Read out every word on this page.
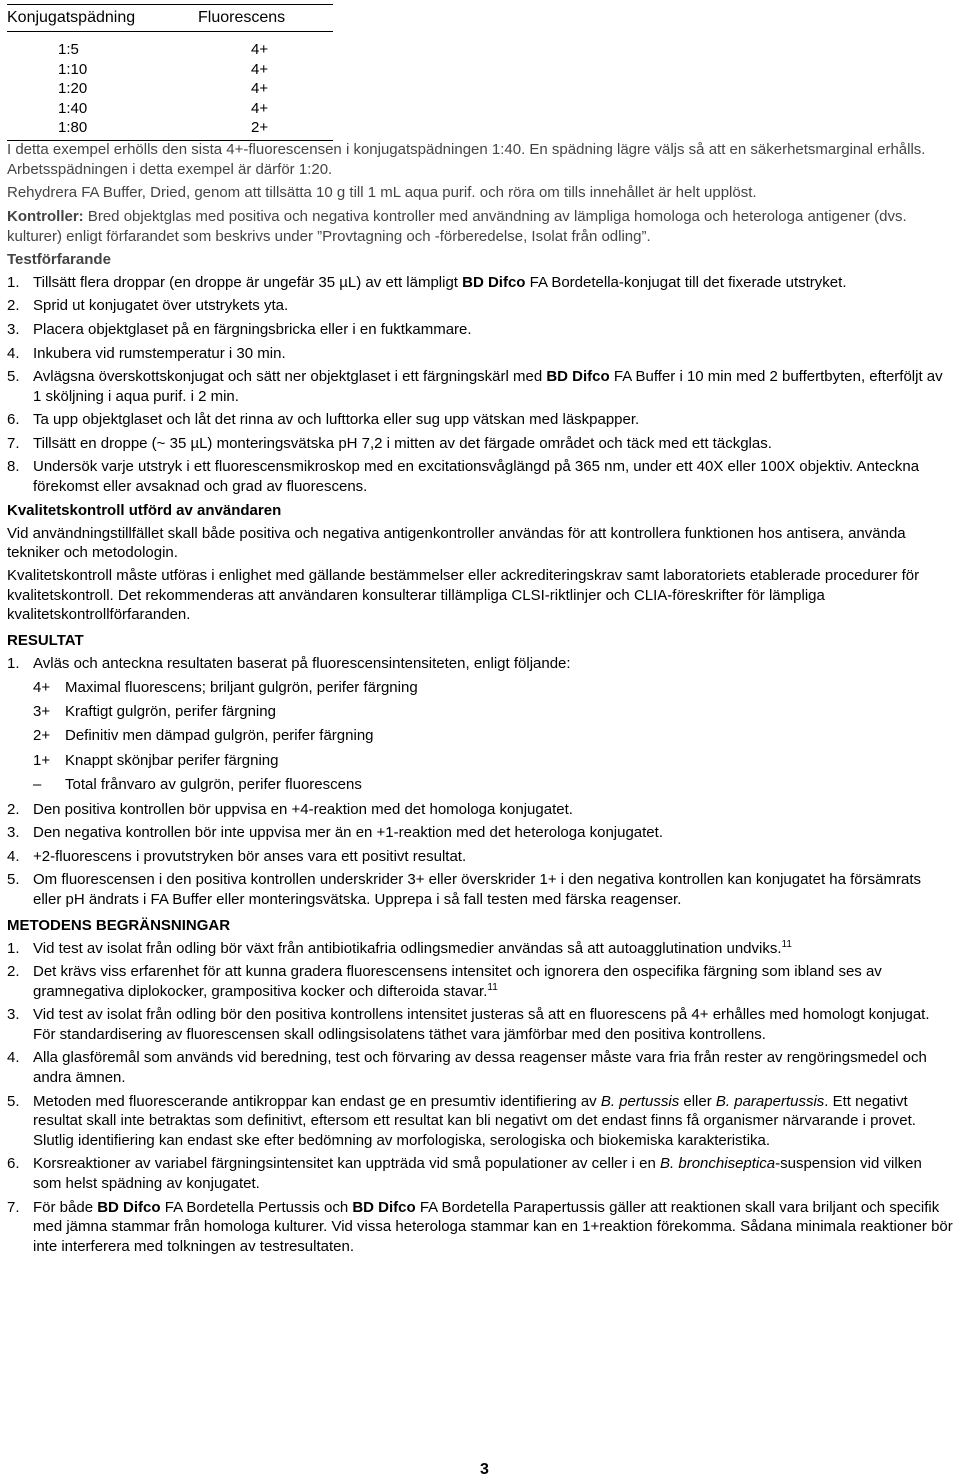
Konjugatspädning	Fluorescens
1:5	4+
1:10	4+
1:20	4+
1:40	4+
1:80	2+

I detta exempel erhölls den sista 4+-fluorescensen i konjugatspädningen 1:40. En spädning lägre väljs så att en säkerhetsmarginal erhålls. Arbetsspädningen i detta exempel är därför 1:20.

Rehydrera FA Buffer, Dried, genom att tillsätta 10 g till 1 mL aqua purif. och röra om tills innehållet är helt upplöst.

Kontroller: Bred objektglas med positiva och negativa kontroller med användning av lämpliga homologa och heterologa antigener (dvs. kulturer) enligt förfarandet som beskrivs under ”Provtagning och -förberedelse, Isolat från odling”.

Testförfarande

1. Tillsätt flera droppar (en droppe är ungefär 35 µL) av ett lämpligt BD Difco FA Bordetella-konjugat till det fixerade utstryket.
2. Sprid ut konjugatet över utstrykets yta.
3. Placera objektglaset på en färgningsbricka eller i en fuktkammare.
4. Inkubera vid rumstemperatur i 30 min.
5. Avlägsna överskottskonjugat och sätt ner objektglaset i ett färgningskärl med BD Difco FA Buffer i 10 min med 2 buffertbyten, efterföljt av 1 sköljning i aqua purif. i 2 min.
6. Ta upp objektglaset och låt det rinna av och lufttorka eller sug upp vätskan med läskpapper.
7. Tillsätt en droppe (~ 35 µL) monteringsvätska pH 7,2 i mitten av det färgade området och täck med ett täckglas.
8. Undersök varje utstryk i ett fluorescensmikroskop med en excitationsvåglängd på 365 nm, under ett 40X eller 100X objektiv. Anteckna förekomst eller avsaknad och grad av fluorescens.

Kvalitetskontroll utförd av användaren

Vid användningstillfället skall både positiva och negativa antigenkontroller användas för att kontrollera funktionen hos antisera, använda tekniker och metodologin.

Kvalitetskontroll måste utföras i enlighet med gällande bestämmelser eller ackrediteringskrav samt laboratoriets etablerade procedurer för kvalitetskontroll. Det rekommenderas att användaren konsulterar tillämpliga CLSI-riktlinjer och CLIA-föreskrifter för lämpliga kvalitetskontrollförfaranden.

RESULTAT

1. Avläs och anteckna resultaten baserat på fluorescensintensiteten, enligt följande:
4+ Maximal fluorescens; briljant gulgrön, perifer färgning
3+ Kraftigt gulgrön, perifer färgning
2+ Definitiv men dämpad gulgrön, perifer färgning
1+ Knappt skönjbar perifer färgning
–	Total frånvaro av gulgrön, perifer fluorescens
2. Den positiva kontrollen bör uppvisa en +4-reaktion med det homologa konjugatet.
3. Den negativa kontrollen bör inte uppvisa mer än en +1-reaktion med det heterologa konjugatet.
4. +2-fluorescens i provutstryken bör anses vara ett positivt resultat.
5. Om fluorescensen i den positiva kontrollen underskrider 3+ eller överskrider 1+ i den negativa kontrollen kan konjugatet ha försämrats eller pH ändrats i FA Buffer eller monteringsvätska. Upprepa i så fall testen med färska reagenser.

METODENS BEGRÄNSNINGAR

1. Vid test av isolat från odling bör växt från antibiotikafria odlingsmedier användas så att autoagglutination undviks.$^{11}$
2. Det krävs viss erfarenhet för att kunna gradera fluorescensens intensitet och ignorera den ospecifika färgning som ibland ses av gramnegativa diplokocker, grampositiva kocker och difteroida stavar.$^{11}$
3. Vid test av isolat från odling bör den positiva kontrollens intensitet justeras så att en fluorescens på 4+ erhålles med homologt konjugat. För standardisering av fluorescensen skall odlingsisolatens täthet vara jämförbar med den positiva kontrollens.
4. Alla glasföremål som används vid beredning, test och förvaring av dessa reagenser måste vara fria från rester av rengöringsmedel och andra ämnen.
5. Metoden med fluorescerande antikroppar kan endast ge en presumtiv identifiering av B. pertussis eller B. parapertussis. Ett negativt resultat skall inte betraktas som definitivt, eftersom ett resultat kan bli negativt om det endast finns få organismer närvarande i provet. Slutlig identifiering kan endast ske efter bedömning av morfologiska, serologiska och biokemiska karakteristika.
6. Korsreaktioner av variabel färgningsintensitet kan uppträda vid små populationer av celler i en B. bronchiseptica-suspension vid vilken som helst spädning av konjugatet.
7. För både BD Difco FA Bordetella Pertussis och BD Difco FA Bordetella Parapertussis gäller att reaktionen skall vara briljant och specifik med jämna stammar från homologa kulturer. Vid vissa heterologa stammar kan en 1+reaktion förekomma. Sådana minimala reaktioner bör inte interferera med tolkningen av testresultaten.
3
